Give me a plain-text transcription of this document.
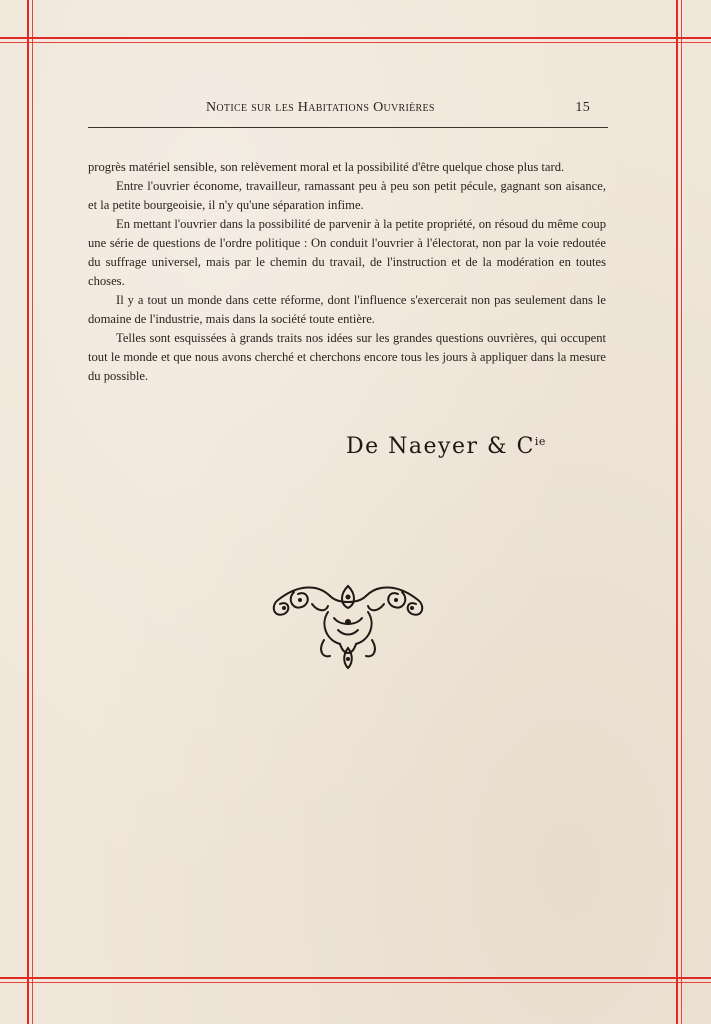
Notice sur les Habitations Ouvrières	15

progrès matériel sensible, son relèvement moral et la possibilité d'être quelque chose plus tard.

Entre l'ouvrier économe, travailleur, ramassant peu à peu son petit pécule, gagnant son aisance, et la petite bourgeoisie, il n'y qu'une séparation infime.

En mettant l'ouvrier dans la possibilité de parvenir à la petite propriété, on résoud du même coup une série de questions de l'ordre politique : On conduit l'ouvrier à l'électorat, non par la voie redoutée du suffrage universel, mais par le chemin du travail, de l'instruction et de la modération en toutes choses.

Il y a tout un monde dans cette réforme, dont l'influence s'exercerait non pas seulement dans le domaine de l'industrie, mais dans la société toute entière.

Telles sont esquissées à grands traits nos idées sur les grandes questions ouvrières, qui occupent tout le monde et que nous avons cherché et cherchons encore tous les jours à appliquer dans la mesure du possible.

De Naeyer & $C^{ie}$
